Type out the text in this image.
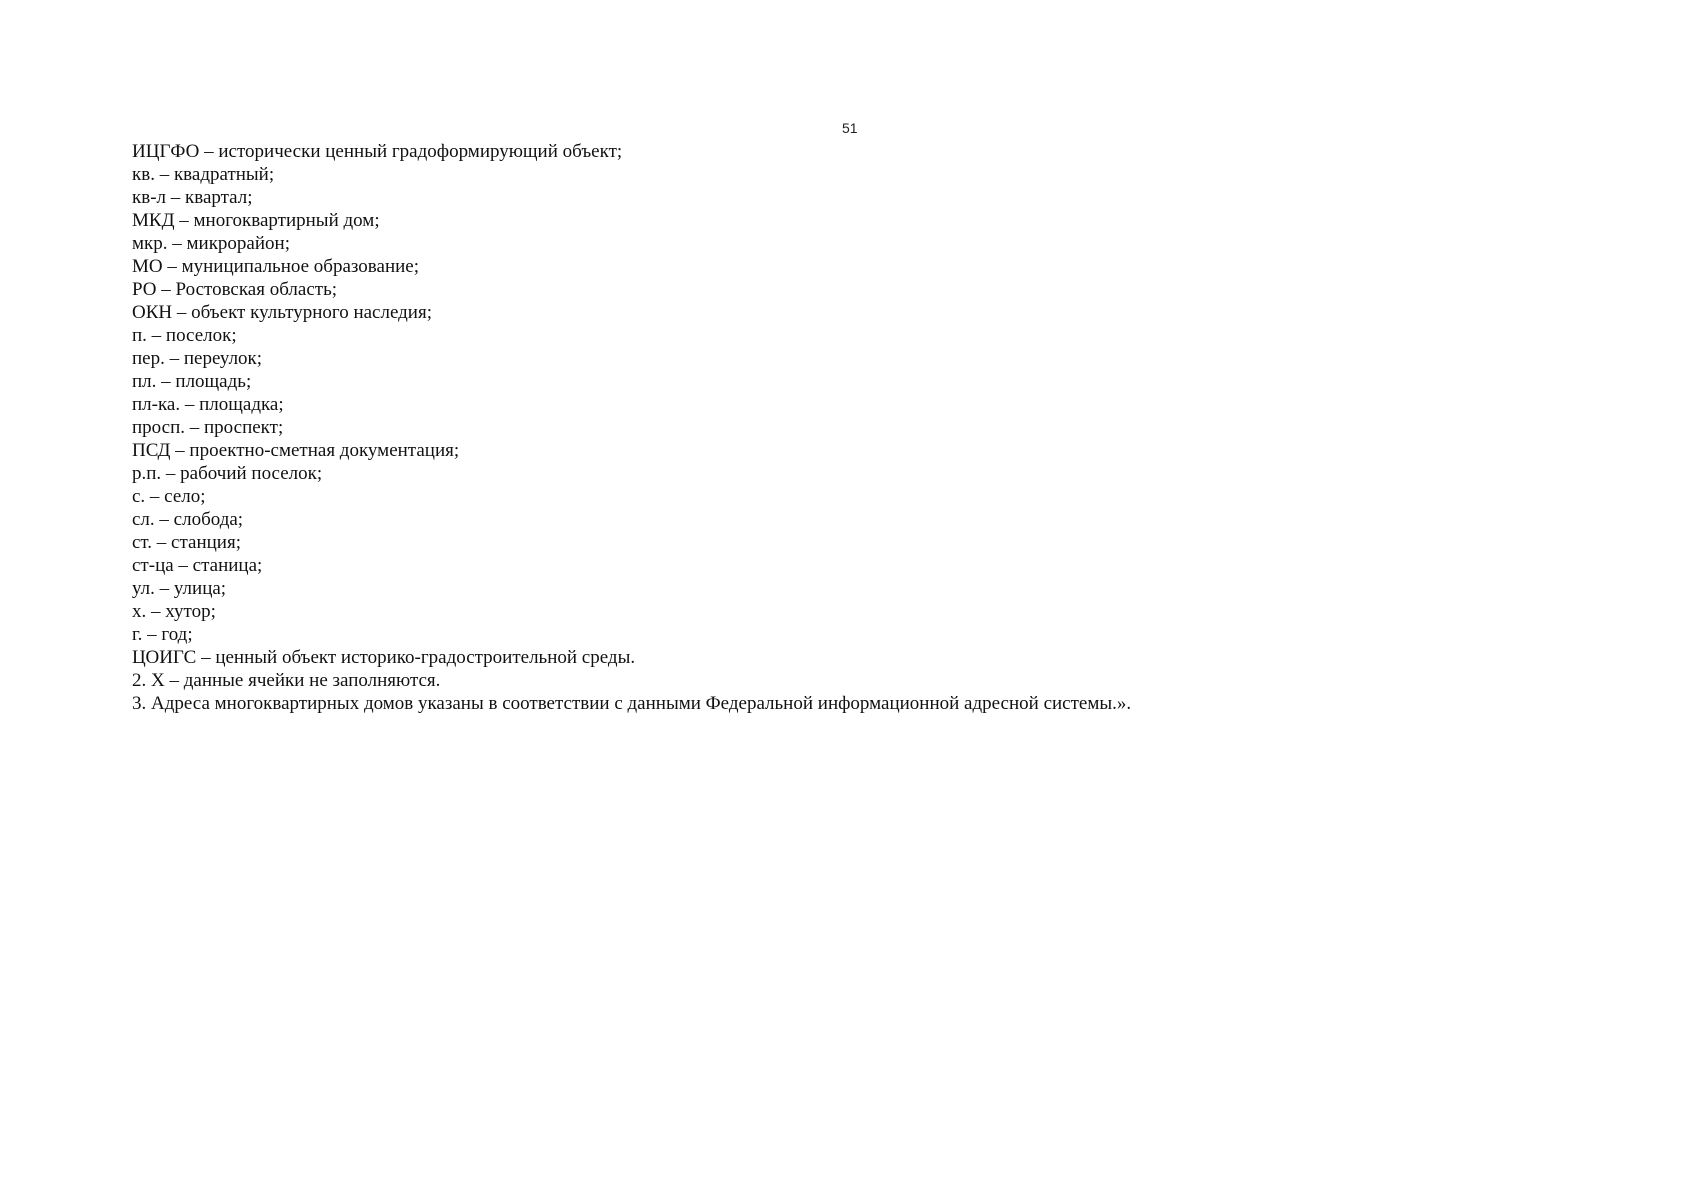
51
ИЦГФО – исторически ценный градоформирующий объект;
кв. – квадратный;
кв-л – квартал;
МКД – многоквартирный дом;
мкр. – микрорайон;
МО – муниципальное образование;
РО – Ростовская область;
ОКН – объект культурного наследия;
п. – поселок;
пер. – переулок;
пл. – площадь;
пл-ка. – площадка;
просп. – проспект;
ПСД – проектно-сметная документация;
р.п. – рабочий поселок;
с. – село;
сл. – слобода;
ст. – станция;
ст-ца – станица;
ул. – улица;
х. – хутор;
г. – год;
ЦОИГС – ценный объект историко-градостроительной среды.
2. Х – данные ячейки не заполняются.
3. Адреса многоквартирных домов указаны в соответствии с данными Федеральной информационной адресной системы.».
